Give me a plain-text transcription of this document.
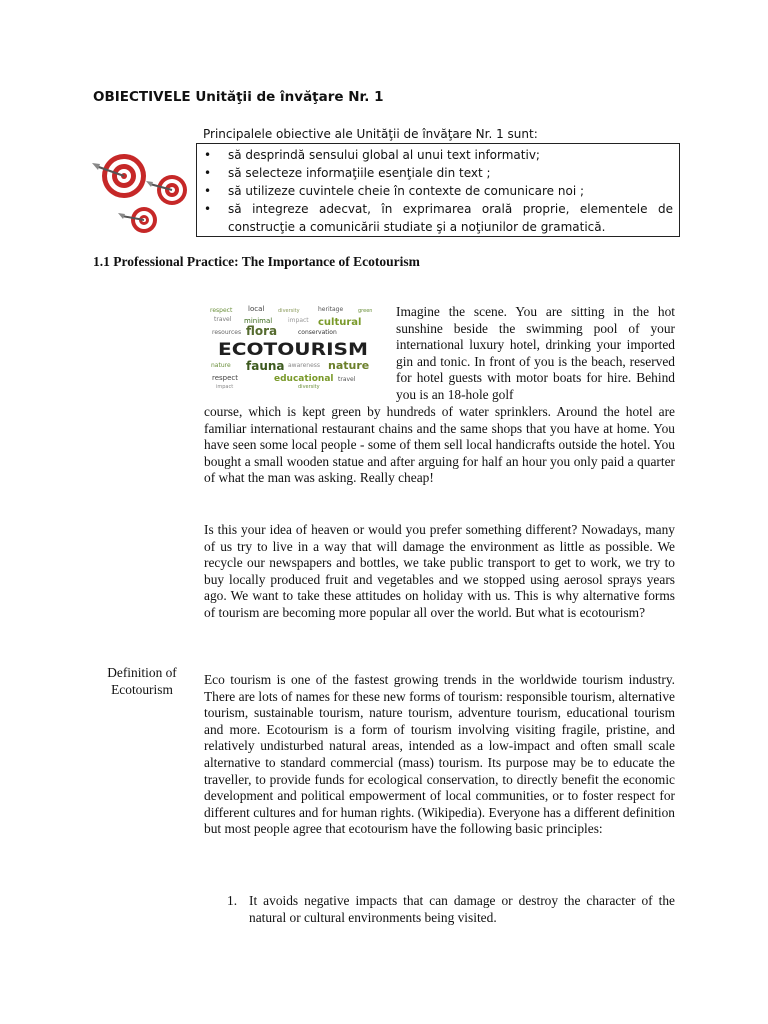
OBIECTIVELE Unităţii de învăţare Nr. 1
Principalele obiective ale Unităţii de învăţare Nr. 1 sunt:
• să desprindă sensului global al unui text informativ;
• să selecteze informaţiile esenţiale din text ;
• să utilizeze cuvintele cheie în contexte de comunicare noi ;
• să integreze adecvat, în exprimarea orală proprie, elementele de construcţie a comunicării studiate şi a noţiunilor de gramatică.
1.1 Professional Practice: The Importance of Ecotourism
respect local	diversity	heritage	green
travel minimal	impact cultural
resources flora	conservation
ECOTOURISM
nature fauna awareness nature
respect	educational travel
impact	diversity

Imagine the scene. You are sitting in the hot sunshine beside the swimming pool of your international luxury hotel, drinking your imported gin and tonic. In front of you is the beach, reserved for hotel guests with motor boats for hire. Behind you is an 18-hole golf

course, which is kept green by hundreds of water sprinklers. Around the hotel are familiar international restaurant chains and the same shops that you have at home. You have seen some local people - some of them sell local handicrafts outside the hotel. You bought a small wooden statue and after arguing for half an hour you only paid a quarter of what the man was asking. Really cheap!

Is this your idea of heaven or would you prefer something different? Nowadays, many of us try to live in a way that will damage the environment as little as possible. We recycle our newspapers and bottles, we take public transport to get to work, we try to buy locally produced fruit and vegetables and we stopped using aerosol sprays years ago. We want to take these attitudes on holiday with us. This is why alternative forms of tourism are becoming more popular all over the world. But what is ecotourism?

Definition of Ecotourism

Eco tourism is one of the fastest growing trends in the worldwide tourism industry. There are lots of names for these new forms of tourism: responsible tourism, alternative tourism, sustainable tourism, nature tourism, adventure tourism, educational tourism and more. Ecotourism is a form of tourism involving visiting fragile, pristine, and relatively undisturbed natural areas, intended as a low-impact and often small scale alternative to standard commercial (mass) tourism. Its purpose may be to educate the traveller, to provide funds for ecological conservation, to directly benefit the economic development and political empowerment of local communities, or to foster respect for different cultures and for human rights. (Wikipedia). Everyone has a different definition but most people agree that ecotourism have the following basic principles:

1. It avoids negative impacts that can damage or destroy the character of the natural or cultural environments being visited.
